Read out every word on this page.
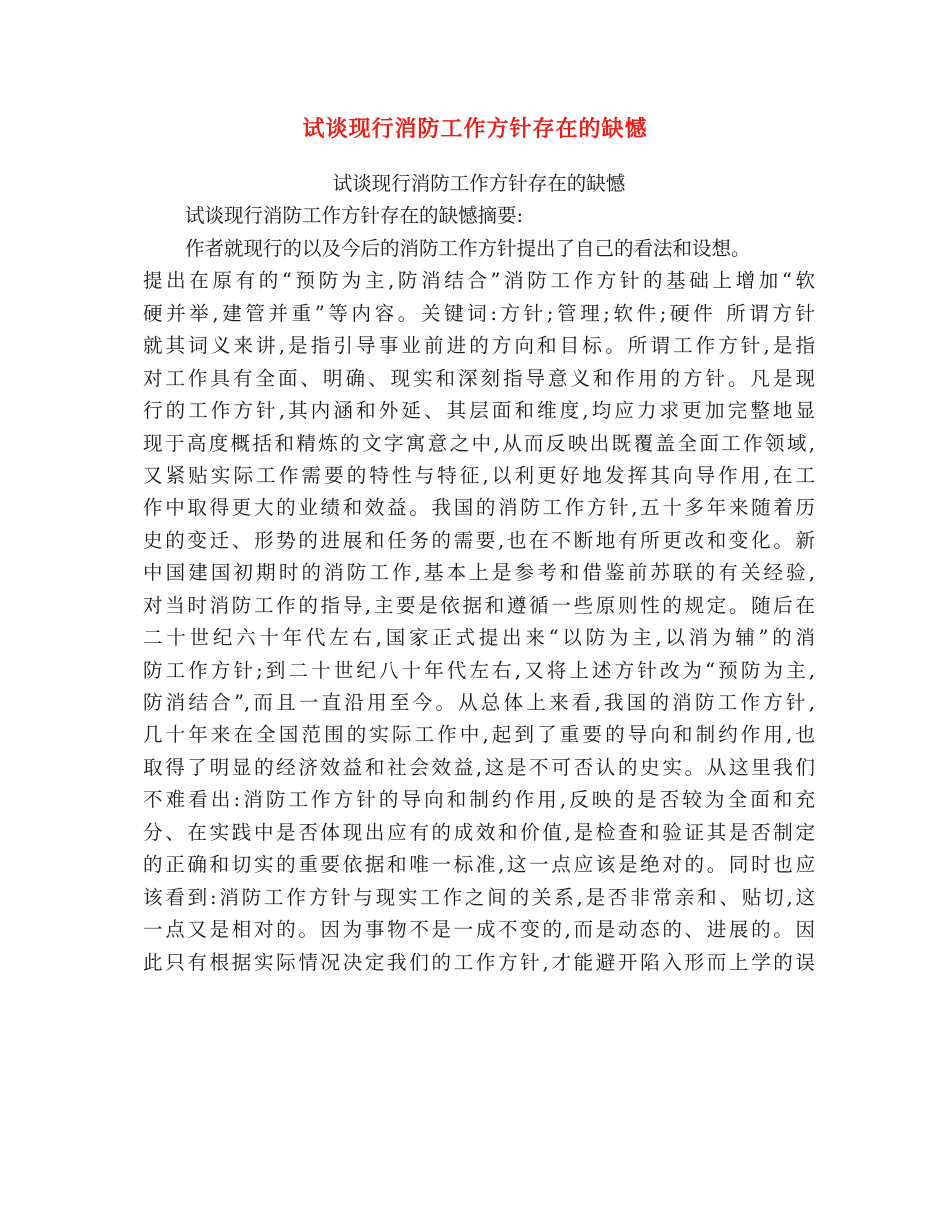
试谈现行消防工作方针存在的缺憾
试谈现行消防工作方针存在的缺憾
试谈现行消防工作方针存在的缺憾摘要:
作者就现行的以及今后的消防工作方针提出了自己的看法和设想。
提出在原有的“预防为主,防消结合”消防工作方针的基础上增加“软
硬并举,建管并重”等内容。关键词:方针;管理;软件;硬件 所谓方针
就其词义来讲,是指引导事业前进的方向和目标。所谓工作方针,是指
对工作具有全面、明确、现实和深刻指导意义和作用的方针。凡是现
行的工作方针,其内涵和外延、其层面和维度,均应力求更加完整地显
现于高度概括和精炼的文字寓意之中,从而反映出既覆盖全面工作领域,
又紧贴实际工作需要的特性与特征,以利更好地发挥其向导作用,在工
作中取得更大的业绩和效益。我国的消防工作方针,五十多年来随着历
史的变迁、形势的进展和任务的需要,也在不断地有所更改和变化。新
中国建国初期时的消防工作,基本上是参考和借鉴前苏联的有关经验,
对当时消防工作的指导,主要是依据和遵循一些原则性的规定。随后在
二十世纪六十年代左右,国家正式提出来“以防为主,以消为辅”的消
防工作方针;到二十世纪八十年代左右,又将上述方针改为“预防为主,
防消结合”,而且一直沿用至今。从总体上来看,我国的消防工作方针,
几十年来在全国范围的实际工作中,起到了重要的导向和制约作用,也
取得了明显的经济效益和社会效益,这是不可否认的史实。从这里我们
不难看出:消防工作方针的导向和制约作用,反映的是否较为全面和充
分、在实践中是否体现出应有的成效和价值,是检查和验证其是否制定
的正确和切实的重要依据和唯一标准,这一点应该是绝对的。同时也应
该看到:消防工作方针与现实工作之间的关系,是否非常亲和、贴切,这
一点又是相对的。因为事物不是一成不变的,而是动态的、进展的。因
此只有根据实际情况决定我们的工作方针,才能避开陷入形而上学的误
